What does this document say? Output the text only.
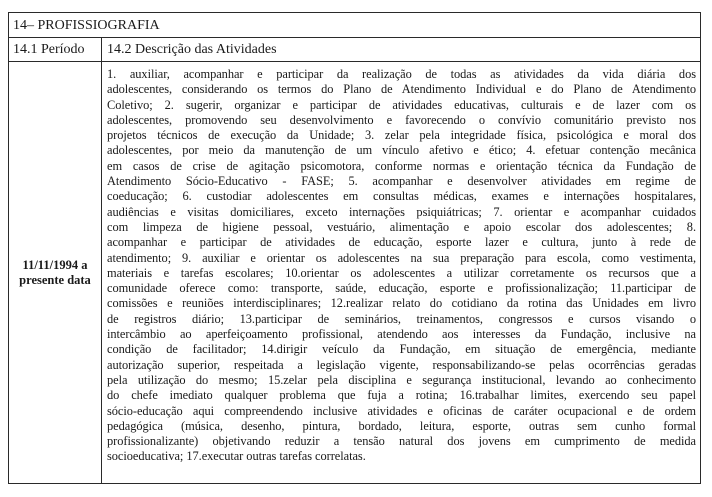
14– PROFISSIOGRAFIA
14.1 Período	14.2 Descrição das Atividades
11/11/1994 a presente data

1. auxiliar, acompanhar e participar da realização de todas as atividades da vida diária dos
adolescentes, considerando os termos do Plano de Atendimento Individual e do Plano de Atendimento
Coletivo; 2. sugerir, organizar e participar de atividades educativas, culturais e de lazer com os
adolescentes, promovendo seu desenvolvimento e favorecendo o convívio comunitário previsto nos
projetos técnicos de execução da Unidade; 3. zelar pela integridade física, psicológica e moral dos
adolescentes, por meio da manutenção de um vínculo afetivo e ético; 4. efetuar contenção mecânica
em casos de crise de agitação psicomotora, conforme normas e orientação técnica da Fundação de
Atendimento Sócio-Educativo - FASE; 5. acompanhar e desenvolver atividades em regime de
coeducação; 6. custodiar adolescentes em consultas médicas, exames e internações hospitalares,
audiências e visitas domiciliares, exceto internações psiquiátricas; 7. orientar e acompanhar cuidados
com limpeza de higiene pessoal, vestuário, alimentação e apoio escolar dos adolescentes; 8.
acompanhar e participar de atividades de educação, esporte lazer e cultura, junto à rede de
atendimento; 9. auxiliar e orientar os adolescentes na sua preparação para escola, como vestimenta,
materiais e tarefas escolares; 10.orientar os adolescentes a utilizar corretamente os recursos que a
comunidade oferece como: transporte, saúde, educação, esporte e profissionalização; 11.participar de
comissões e reuniões interdisciplinares; 12.realizar relato do cotidiano da rotina das Unidades em livro
de registros diário; 13.participar de seminários, treinamentos, congressos e cursos visando o
intercâmbio ao aperfeiçoamento profissional, atendendo aos interesses da Fundação, inclusive na
condição de facilitador; 14.dirigir veículo da Fundação, em situação de emergência, mediante
autorização superior, respeitada a legislação vigente, responsabilizando-se pelas ocorrências geradas
pela utilização do mesmo; 15.zelar pela disciplina e segurança institucional, levando ao conhecimento
do chefe imediato qualquer problema que fuja a rotina; 16.trabalhar limites, exercendo seu papel
sócio-educação aqui compreendendo inclusive atividades e oficinas de caráter ocupacional e de ordem
pedagógica (música, desenho, pintura, bordado, leitura, esporte, outras sem cunho formal
profissionalizante) objetivando reduzir a tensão natural dos jovens em cumprimento de medida
socioeducativa; 17.executar outras tarefas correlatas.
